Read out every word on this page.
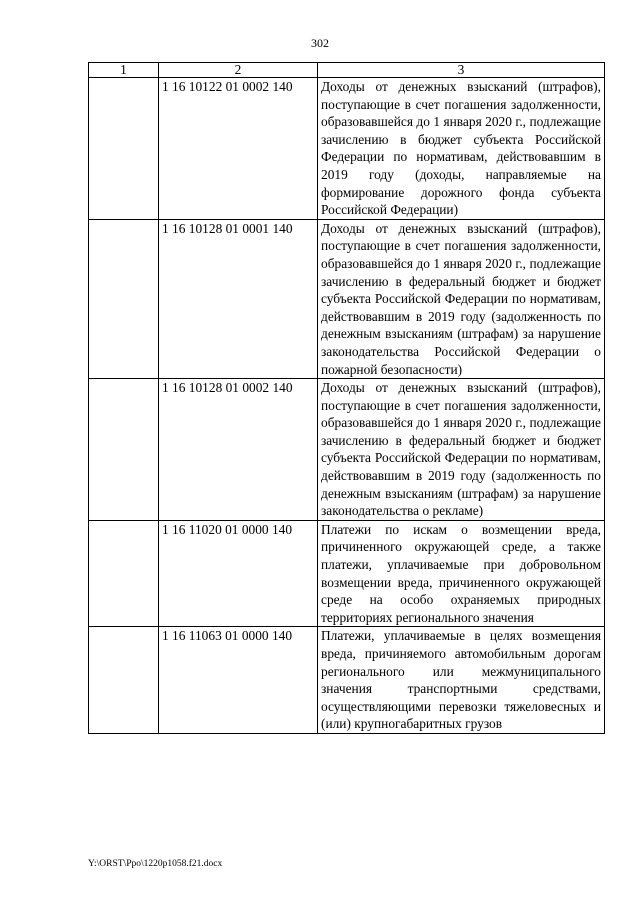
302
1	2	3
	1 16 10122 01 0002 140	Доходы от денежных взысканий (штрафов), поступающие в счет погашения задолженности, образовавшейся до 1 января 2020 г., подлежащие зачислению в бюджет субъекта Российской Федерации по нормативам, действовавшим в 2019 году (доходы, направляемые на формирование дорожного фонда субъекта Российской Федерации)
	1 16 10128 01 0001 140	Доходы от денежных взысканий (штрафов), поступающие в счет погашения задолженности, образовавшейся до 1 января 2020 г., подлежащие зачислению в федеральный бюджет и бюджет субъекта Российской Федерации по нормативам, действовавшим в 2019 году (задолженность по денежным взысканиям (штрафам) за нарушение законодательства Российской Федерации о пожарной безопасности)
	1 16 10128 01 0002 140	Доходы от денежных взысканий (штрафов), поступающие в счет погашения задолженности, образовавшейся до 1 января 2020 г., подлежащие зачислению в федеральный бюджет и бюджет субъекта Российской Федерации по нормативам, действовавшим в 2019 году (задолженность по денежным взысканиям (штрафам) за нарушение законодательства о рекламе)
	1 16 11020 01 0000 140	Платежи по искам о возмещении вреда, причиненного окружающей среде, а также платежи, уплачиваемые при добровольном возмещении вреда, причиненного окружающей среде на особо охраняемых природных территориях регионального значения
	1 16 11063 01 0000 140	Платежи, уплачиваемые в целях возмещения вреда, причиняемого автомобильным дорогам регионального или межмуниципального значения транспортными средствами, осуществляющими перевозки тяжеловесных и (или) крупногабаритных грузов
Y:\ORST\Ppo\1220p1058.f21.docx
